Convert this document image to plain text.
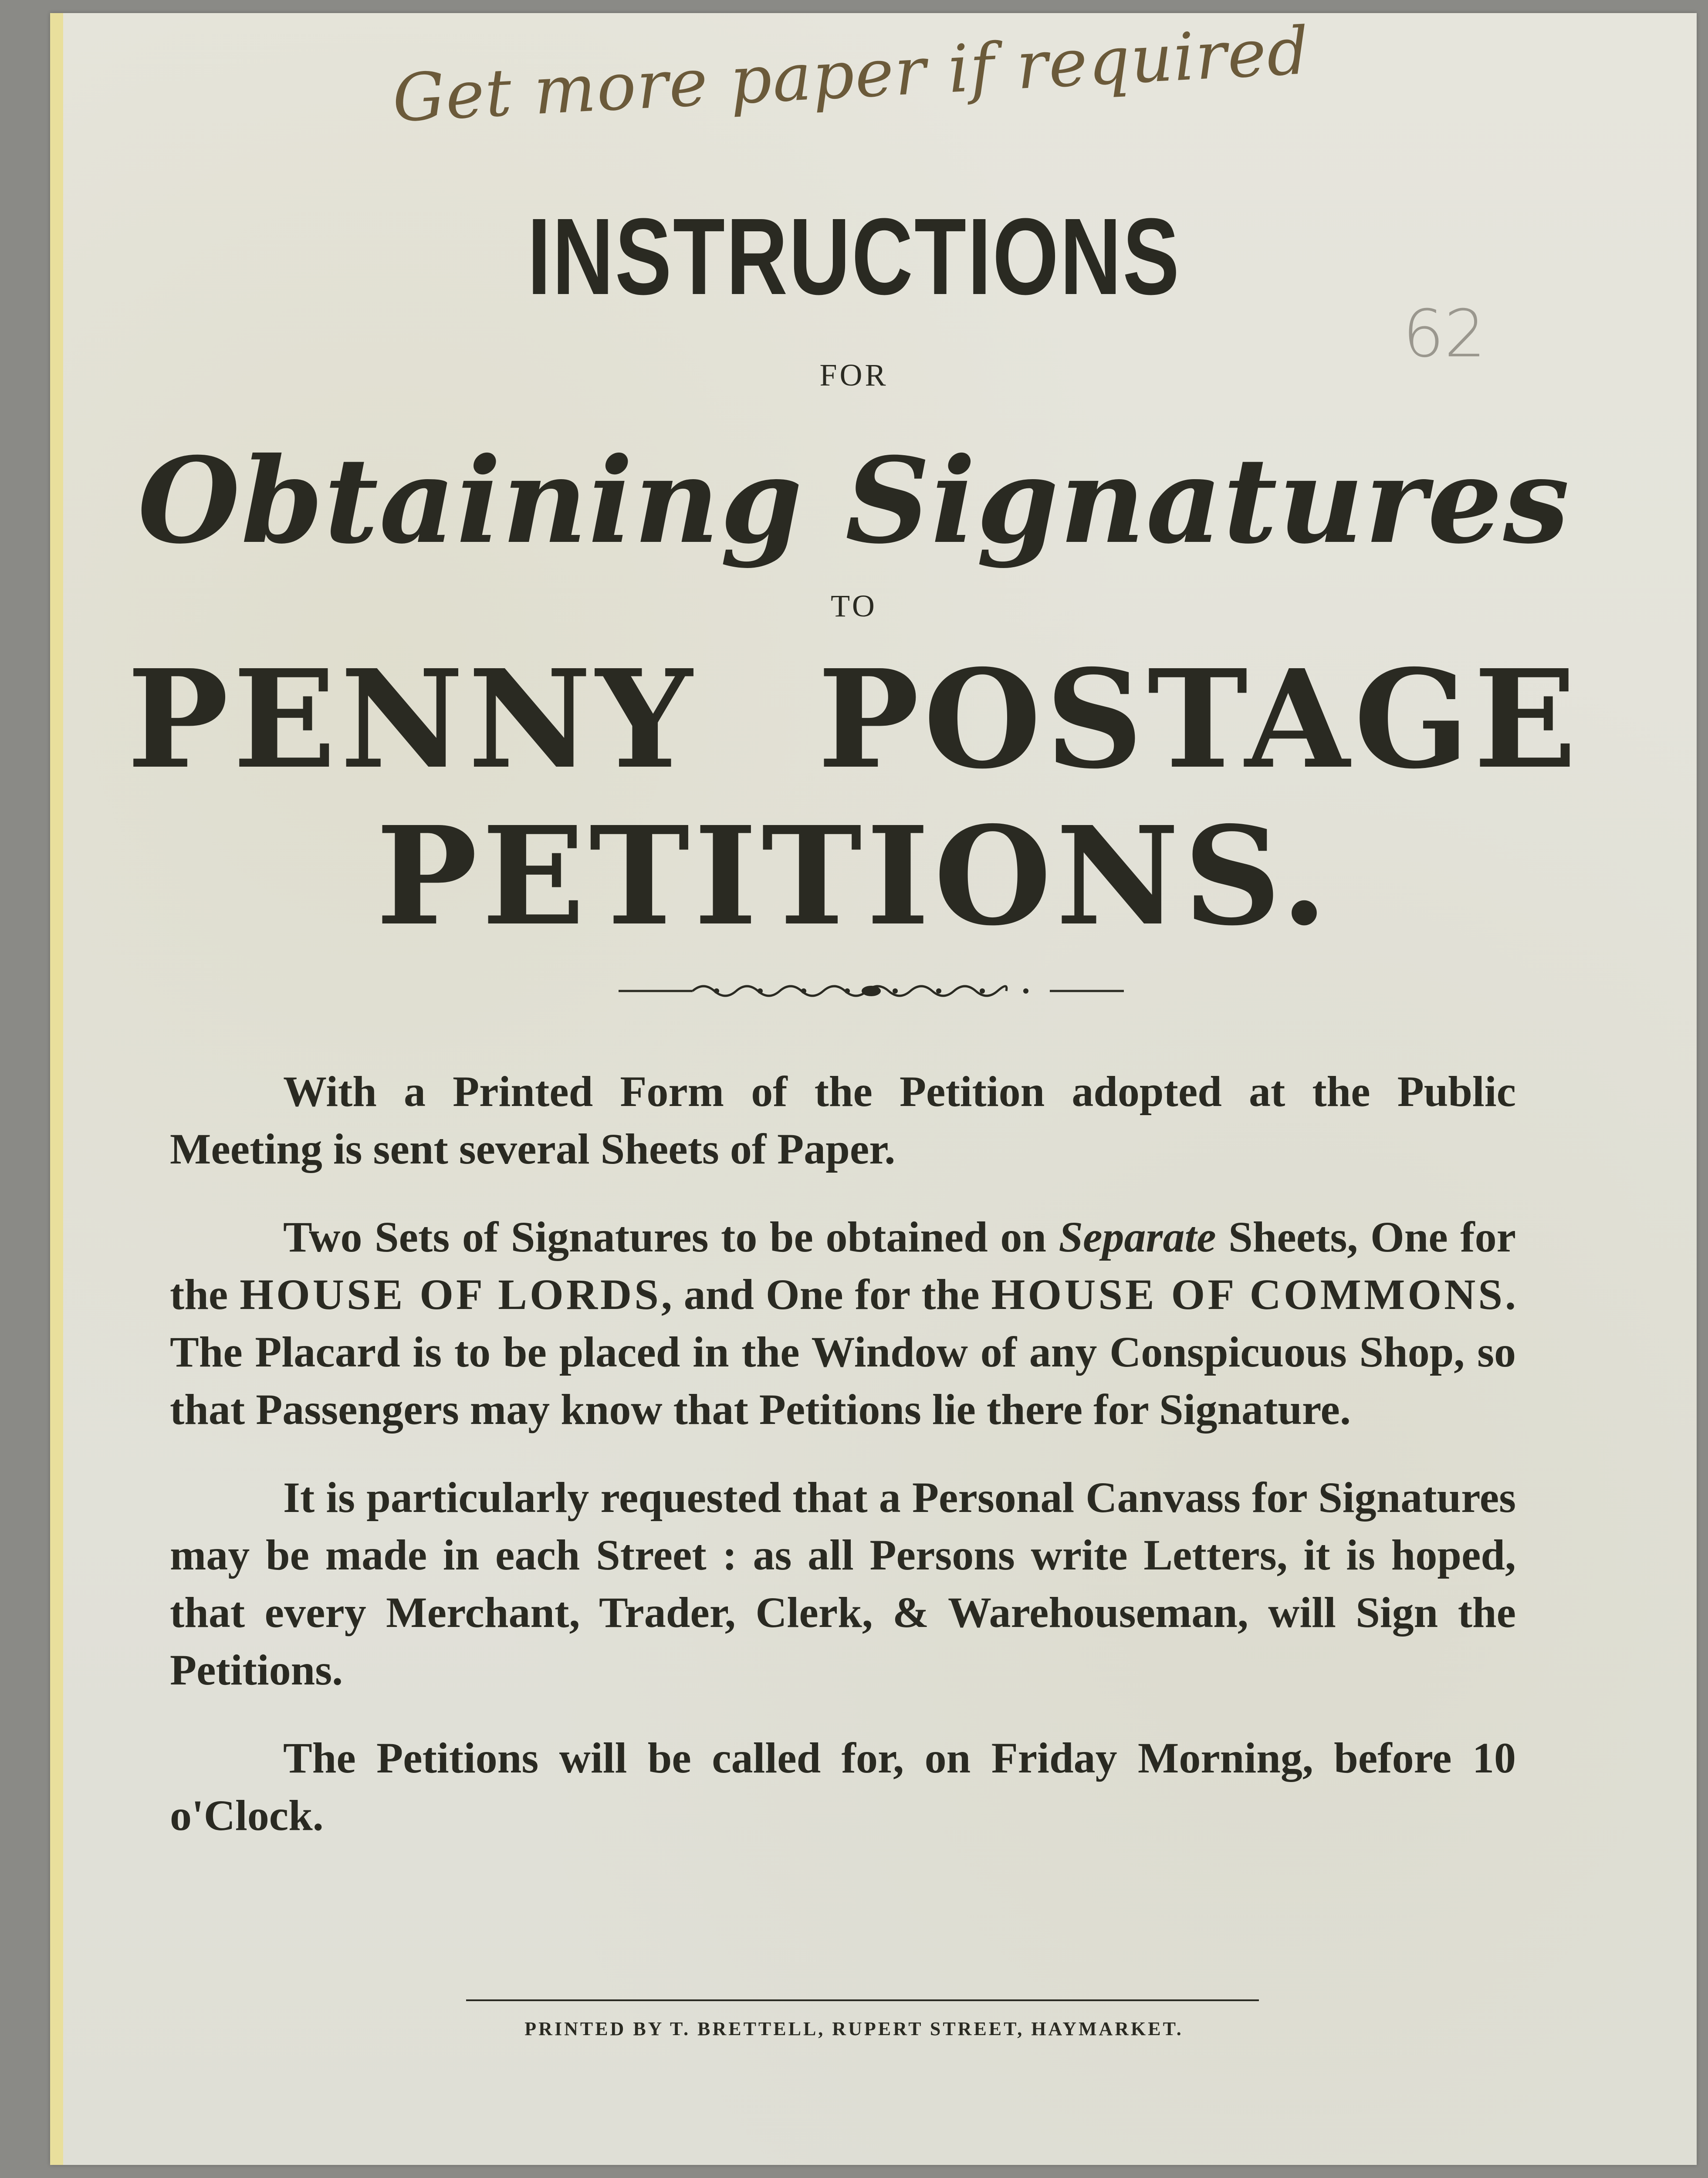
Get more paper if required
62
INSTRUCTIONS
FOR
Obtaining Signatures
TO
PENNY POSTAGE
PETITIONS.

With a Printed Form of the Petition adopted at the Public Meeting is sent several Sheets of Paper.

Two Sets of Signatures to be obtained on Separate Sheets, One for the HOUSE OF LORDS, and One for the HOUSE OF COMMONS. The Placard is to be placed in the Window of any Conspicuous Shop, so that Passengers may know that Petitions lie there for Signature.

It is particularly requested that a Personal Canvass for Signatures may be made in each Street : as all Persons write Letters, it is hoped, that every Merchant, Trader, Clerk, & Warehouseman, will Sign the Petitions.

The Petitions will be called for, on Friday Morning, before 10 o'Clock.

PRINTED BY T. BRETTELL, RUPERT STREET, HAYMARKET.
